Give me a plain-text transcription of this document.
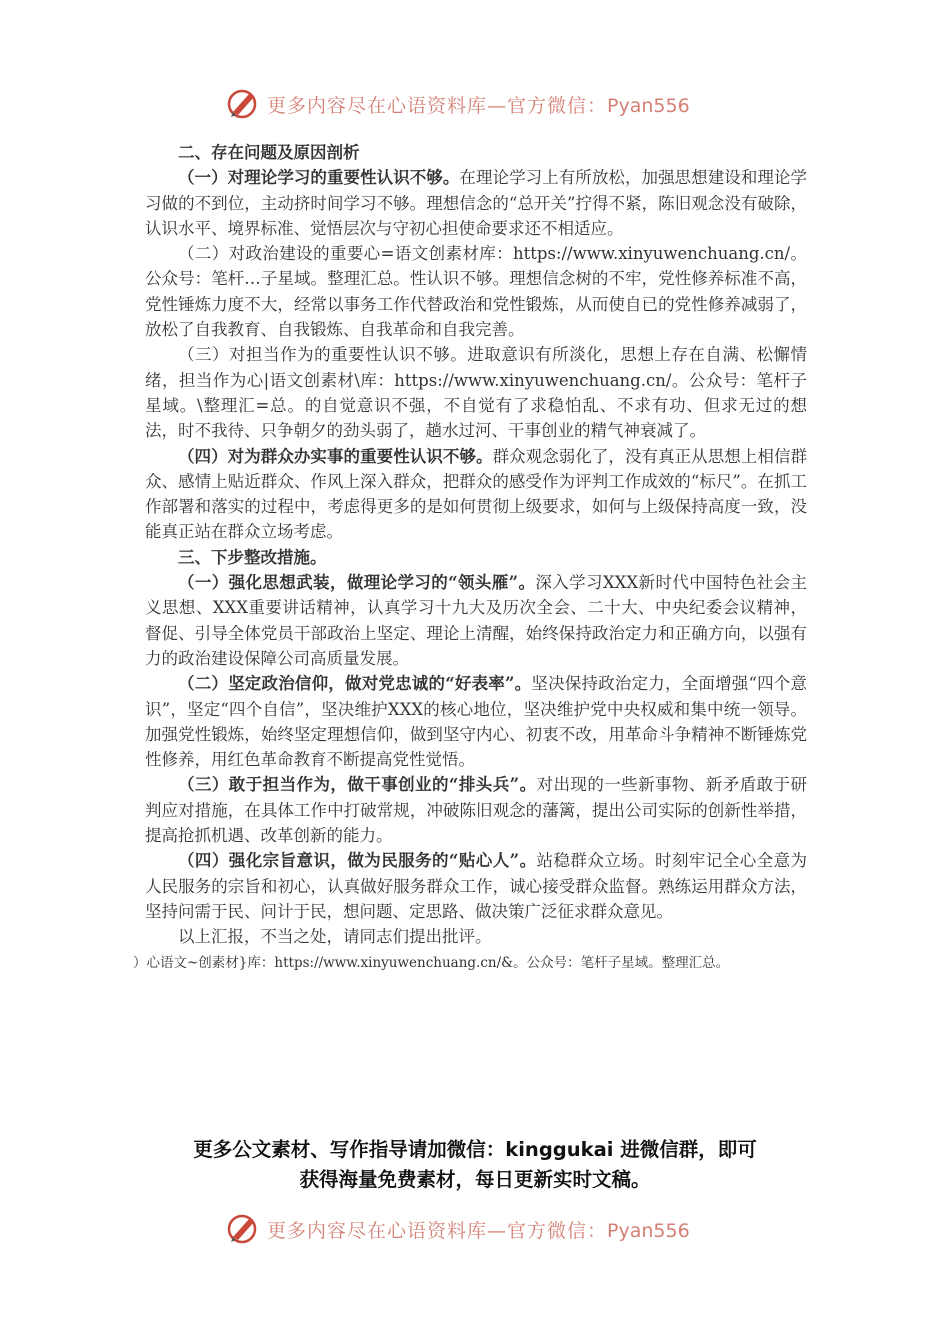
更多内容尽在心语资料库—官方微信：Pyan556

二、存在问题及原因剖析

（一）对理论学习的重要性认识不够。在理论学习上有所放松，加强思想建设和理论学习做的不到位，主动挤时间学习不够。理想信念的“总开关”拧得不紧，陈旧观念没有破除，认识水平、境界标准、觉悟层次与守初心担使命要求还不相适应。

（二）对政治建设的重要心=语文创素材库：https://www.xinyuwenchuang.cn/。公众号：笔杆…子星域。整理汇总。性认识不够。理想信念树的不牢，党性修养标准不高，党性锤炼力度不大，经常以事务工作代替政治和党性锻炼，从而使自已的党性修养减弱了，放松了自我教育、自我锻炼、自我革命和自我完善。

（三）对担当作为的重要性认识不够。进取意识有所淡化，思想上存在自满、松懈情绪，担当作为心|语文创素材\库：https://www.xinyuwenchuang.cn/。公众号：笔杆子星域。\整理汇=总。的自觉意识不强，不自觉有了求稳怕乱、不求有功、但求无过的想法，时不我待、只争朝夕的劲头弱了，趟水过河、干事创业的精气神衰减了。

（四）对为群众办实事的重要性认识不够。群众观念弱化了，没有真正从思想上相信群众、感情上贴近群众、作风上深入群众，把群众的感受作为评判工作成效的“标尺”。在抓工作部署和落实的过程中，考虑得更多的是如何贯彻上级要求，如何与上级保持高度一致，没能真正站在群众立场考虑。

三、下步整改措施。

（一）强化思想武装，做理论学习的“领头雁”。深入学习XXX新时代中国特色社会主义思想、XXX重要讲话精神，认真学习十九大及历次全会、二十大、中央纪委会议精神，督促、引导全体党员干部政治上坚定、理论上清醒，始终保持政治定力和正确方向，以强有力的政治建设保障公司高质量发展。

（二）坚定政治信仰，做对党忠诚的“好表率”。坚决保持政治定力，全面增强“四个意识”，坚定“四个自信”，坚决维护XXX的核心地位，坚决维护党中央权威和集中统一领导。加强党性锻炼，始终坚定理想信仰，做到坚守内心、初衷不改，用革命斗争精神不断锤炼党性修养，用红色革命教育不断提高党性觉悟。

（三）敢于担当作为，做干事创业的“排头兵”。对出现的一些新事物、新矛盾敢于研判应对措施，在具体工作中打破常规，冲破陈旧观念的藩篱，提出公司实际的创新性举措，提高抢抓机遇、改革创新的能力。

（四）强化宗旨意识，做为民服务的“贴心人”。站稳群众立场。时刻牢记全心全意为人民服务的宗旨和初心，认真做好服务群众工作，诚心接受群众监督。熟练运用群众方法，坚持问需于民、问计于民，想问题、定思路、做决策广泛征求群众意见。

以上汇报，不当之处，请同志们提出批评。

）心语文~创素材}库：https://www.xinyuwenchuang.cn/&。公众号：笔杆子星域。整理汇总。

更多公文素材、写作指导请加微信：kinggukai 进微信群，即可
获得海量免费素材，每日更新实时文稿。
更多内容尽在心语资料库—官方微信：Pyan556
